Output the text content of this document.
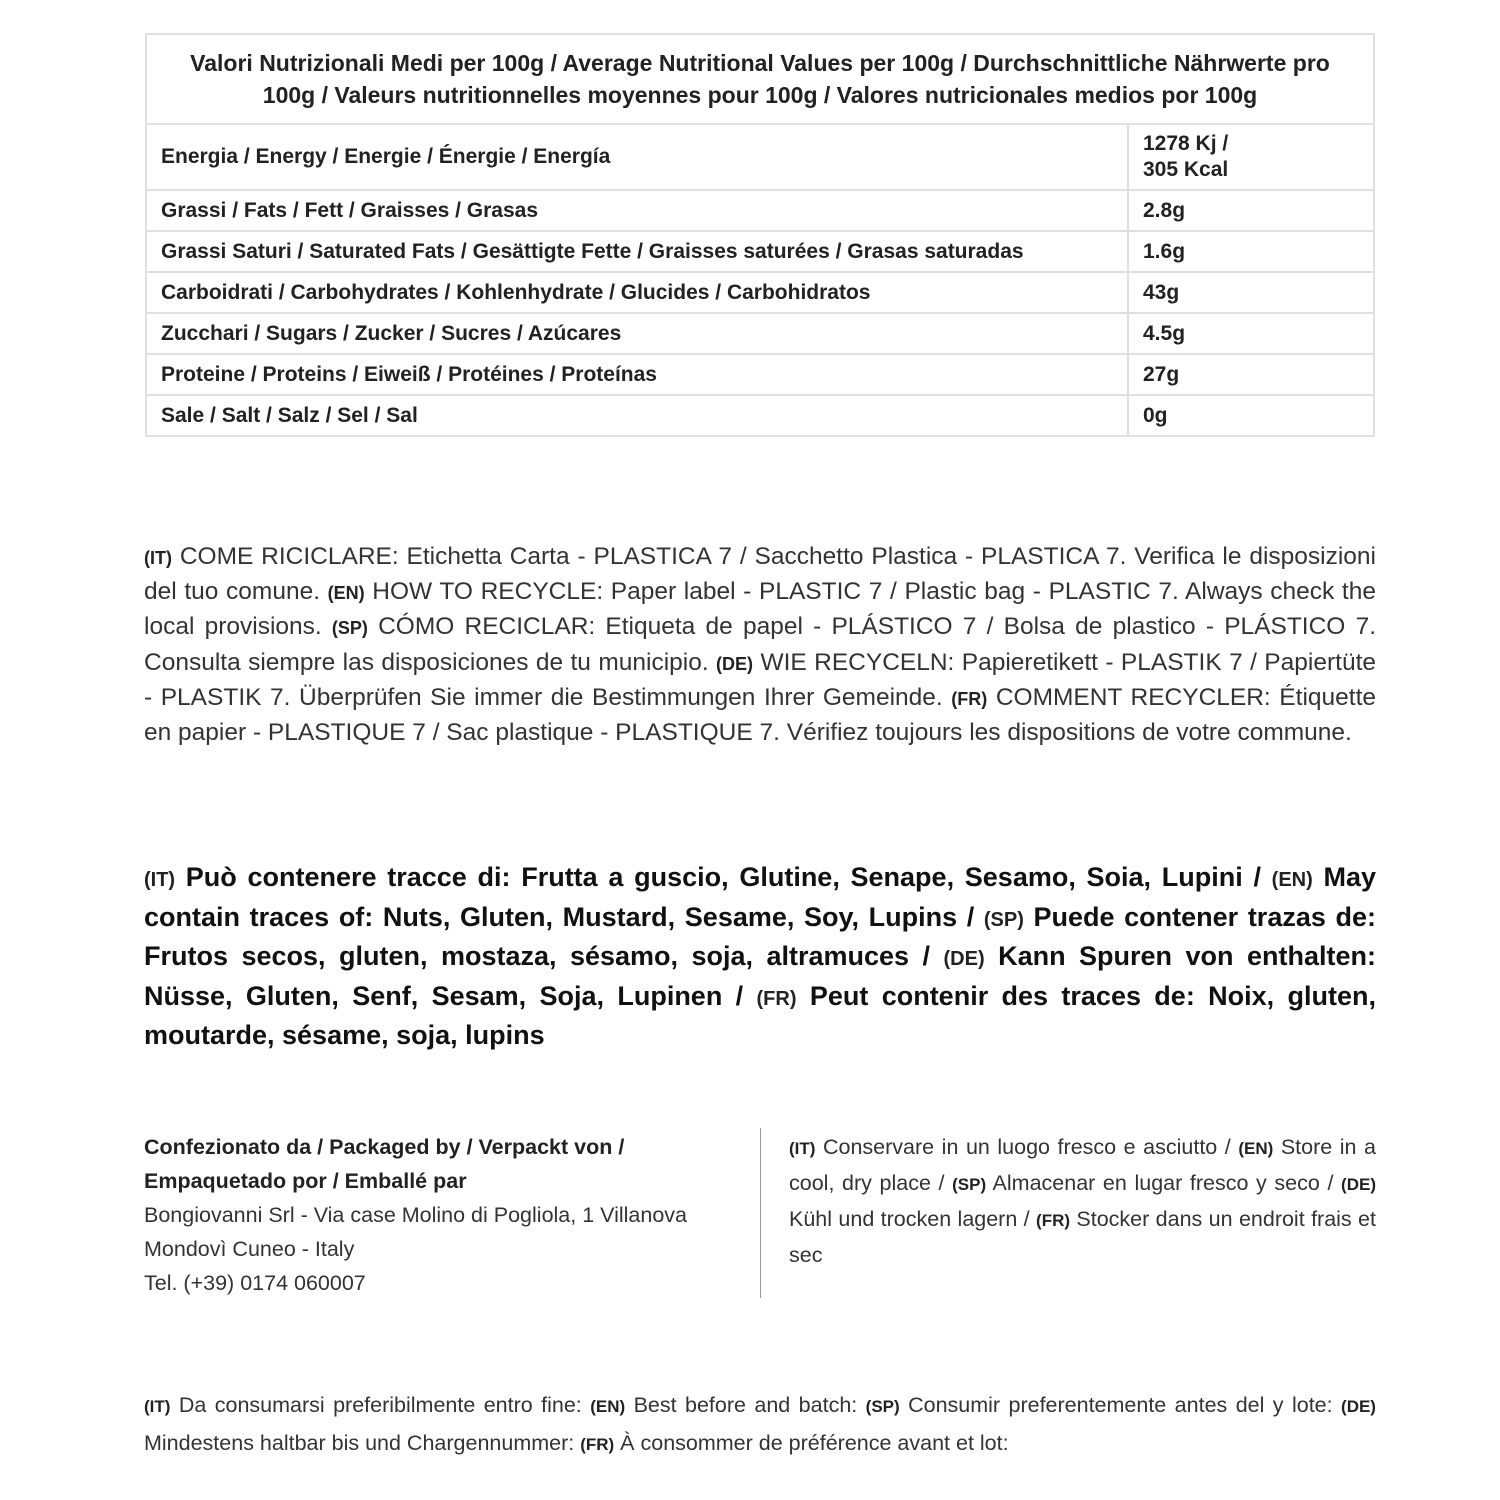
Valori Nutrizionali Medi per 100g / Average Nutritional Values per 100g / Durchschnittliche Nährwerte pro 100g / Valeurs nutritionnelles moyennes pour 100g / Valores nutricionales medios por 100g	
Energia / Energy / Energie / Énergie / Energía	1278 Kj /
305 Kcal

Grassi / Fats / Fett / Graisses / Grasas	2.8g
Grassi Saturi / Saturated Fats / Gesättigte Fette / Graisses saturées / Grasas saturadas	1.6g
Carboidrati / Carbohydrates / Kohlenhydrate / Glucides / Carbohidratos	43g
Zucchari / Sugars / Zucker / Sucres / Azúcares	4.5g
Proteine / Proteins / Eiweiß / Protéines / Proteínas	27g
Sale / Salt / Salz / Sel / Sal	0g
(IT) COME RICICLARE: Etichetta Carta - PLASTICA 7 / Sacchetto Plastica - PLASTICA 7. Verifica le disposizioni del tuo comune. (EN) HOW TO RECYCLE: Paper label - PLASTIC 7 / Plastic bag - PLASTIC 7. Always check the local provisions. (SP) CÓMO RECICLAR: Etiqueta de papel - PLÁSTICO 7 / Bolsa de plastico - PLÁSTICO 7. Consulta siempre las disposiciones de tu municipio. (DE) WIE RECYCELN: Papieretikett - PLASTIK 7 / Papiertüte - PLASTIK 7. Überprüfen Sie immer die Bestimmungen Ihrer Gemeinde. (FR) COMMENT RECYCLER: Étiquette en papier - PLASTIQUE 7 / Sac plastique - PLASTIQUE 7. Vérifiez toujours les dispositions de votre commune.
(IT) Può contenere tracce di: Frutta a guscio, Glutine, Senape, Sesamo, Soia, Lupini / (EN) May contain traces of: Nuts, Gluten, Mustard, Sesame, Soy, Lupins / (SP) Puede contener trazas de: Frutos secos, gluten, mostaza, sésamo, soja, altramuces / (DE) Kann Spuren von enthalten: Nüsse, Gluten, Senf, Sesam, Soja, Lupinen / (FR) Peut contenir des traces de: Noix, gluten, moutarde, sésame, soja, lupins
Confezionato da / Packaged by / Verpackt von /
Empaquetado por / Emballé par
Bongiovanni Srl - Via case Molino di Pogliola, 1 Villanova
Mondovì Cuneo - Italy
Tel. (+39) 0174 060007
(IT) Conservare in un luogo fresco e asciutto / (EN) Store in a cool, dry place / (SP) Almacenar en lugar fresco y seco / (DE) Kühl und trocken lagern / (FR) Stocker dans un endroit frais et sec
(IT) Da consumarsi preferibilmente entro fine: (EN) Best before and batch: (SP) Consumir preferentemente antes del y lote: (DE) Mindestens haltbar bis und Chargennummer: (FR) À consommer de préférence avant et lot:
